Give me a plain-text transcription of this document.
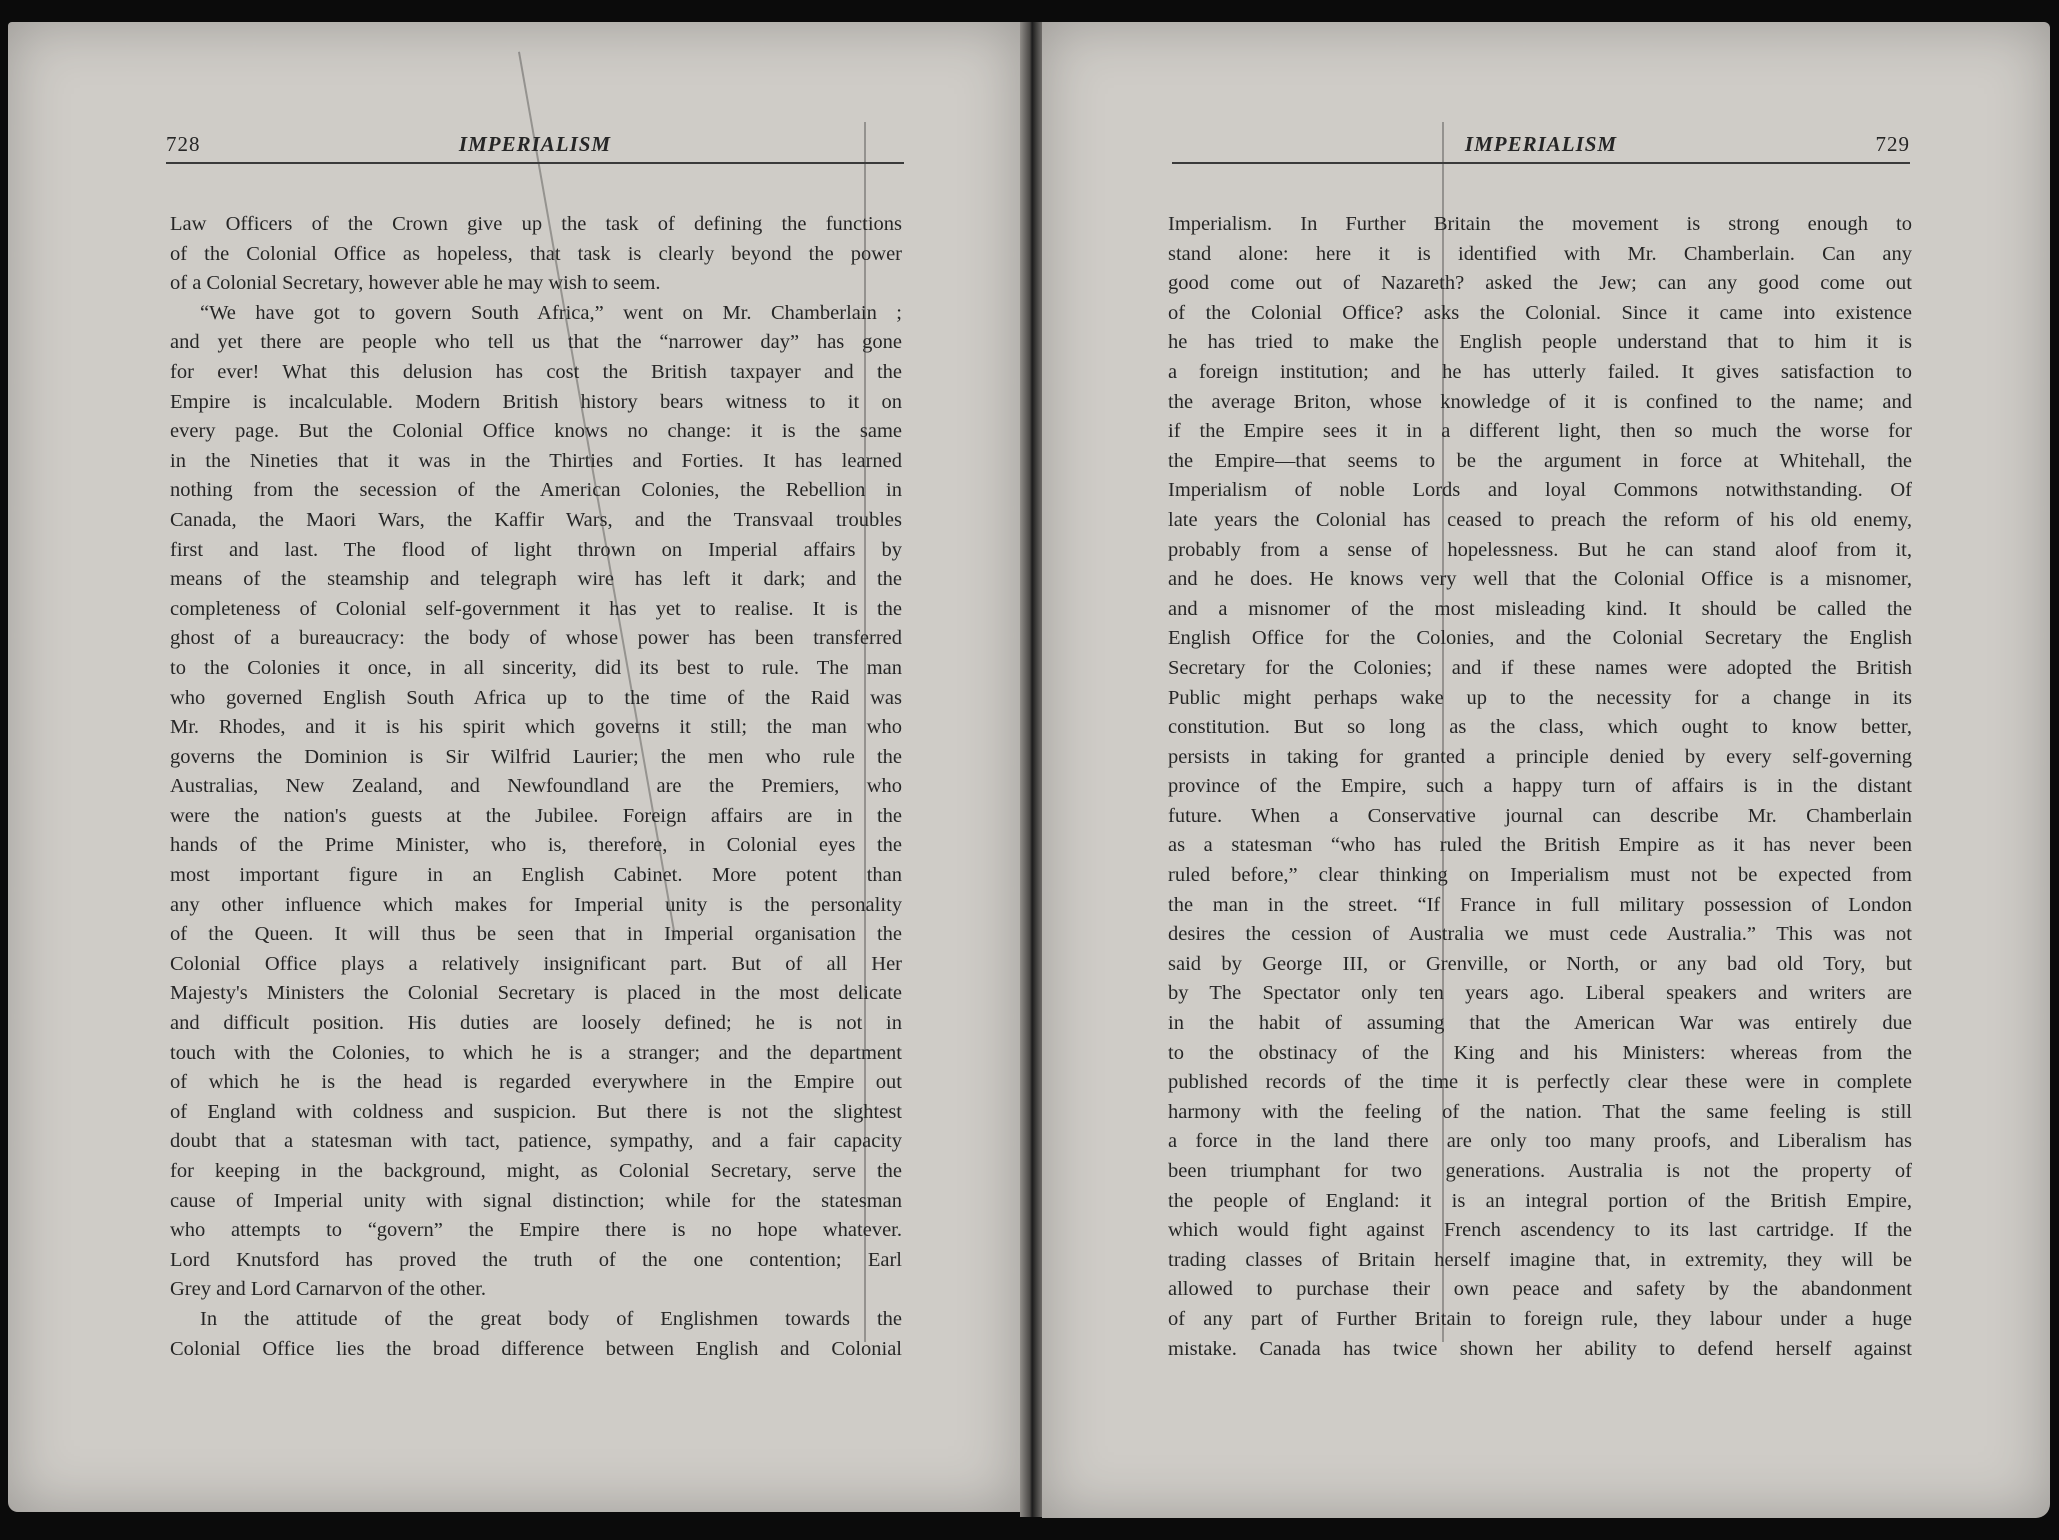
728	IMPERIALISM
Law Officers of the Crown give up the task of defining the functions
of the Colonial Office as hopeless, that task is clearly beyond the power
of a Colonial Secretary, however able he may wish to seem.
“We have got to govern South Africa,” went on Mr. Chamberlain ;
and yet there are people who tell us that the “narrower day” has gone
for ever! What this delusion has cost the British taxpayer and the
Empire is incalculable. Modern British history bears witness to it on
every page. But the Colonial Office knows no change: it is the same
in the Nineties that it was in the Thirties and Forties. It has learned
nothing from the secession of the American Colonies, the Rebellion in
Canada, the Maori Wars, the Kaffir Wars, and the Transvaal troubles
first and last. The flood of light thrown on Imperial affairs by
means of the steamship and telegraph wire has left it dark; and the
completeness of Colonial self-government it has yet to realise. It is the
ghost of a bureaucracy: the body of whose power has been transferred
to the Colonies it once, in all sincerity, did its best to rule. The man
who governed English South Africa up to the time of the Raid was
Mr. Rhodes, and it is his spirit which governs it still; the man who
governs the Dominion is Sir Wilfrid Laurier; the men who rule the
Australias, New Zealand, and Newfoundland are the Premiers, who
were the nation's guests at the Jubilee. Foreign affairs are in the
hands of the Prime Minister, who is, therefore, in Colonial eyes the
most important figure in an English Cabinet. More potent than
any other influence which makes for Imperial unity is the personality
of the Queen. It will thus be seen that in Imperial organisation the
Colonial Office plays a relatively insignificant part. But of all Her
Majesty's Ministers the Colonial Secretary is placed in the most delicate
and difficult position. His duties are loosely defined; he is not in
touch with the Colonies, to which he is a stranger; and the department
of which he is the head is regarded everywhere in the Empire out
of England with coldness and suspicion. But there is not the slightest
doubt that a statesman with tact, patience, sympathy, and a fair capacity
for keeping in the background, might, as Colonial Secretary, serve the
cause of Imperial unity with signal distinction; while for the statesman
who attempts to “govern” the Empire there is no hope whatever.
Lord Knutsford has proved the truth of the one contention; Earl
Grey and Lord Carnarvon of the other.
In the attitude of the great body of Englishmen towards the
Colonial Office lies the broad difference between English and Colonial
IMPERIALISM	729
Imperialism. In Further Britain the movement is strong enough to
stand alone: here it is identified with Mr. Chamberlain. Can any
good come out of Nazareth? asked the Jew; can any good come out
of the Colonial Office? asks the Colonial. Since it came into existence
he has tried to make the English people understand that to him it is
a foreign institution; and he has utterly failed. It gives satisfaction to
the average Briton, whose knowledge of it is confined to the name; and
if the Empire sees it in a different light, then so much the worse for
the Empire—that seems to be the argument in force at Whitehall, the
Imperialism of noble Lords and loyal Commons notwithstanding. Of
late years the Colonial has ceased to preach the reform of his old enemy,
probably from a sense of hopelessness. But he can stand aloof from it,
and he does. He knows very well that the Colonial Office is a misnomer,
and a misnomer of the most misleading kind. It should be called the
English Office for the Colonies, and the Colonial Secretary the English
Secretary for the Colonies; and if these names were adopted the British
Public might perhaps wake up to the necessity for a change in its
constitution. But so long as the class, which ought to know better,
persists in taking for granted a principle denied by every self-governing
province of the Empire, such a happy turn of affairs is in the distant
future. When a Conservative journal can describe Mr. Chamberlain
as a statesman “who has ruled the British Empire as it has never been
ruled before,” clear thinking on Imperialism must not be expected from
the man in the street. “If France in full military possession of London
desires the cession of Australia we must cede Australia.” This was not
said by George III, or Grenville, or North, or any bad old Tory, but
by The Spectator only ten years ago. Liberal speakers and writers are
in the habit of assuming that the American War was entirely due
to the obstinacy of the King and his Ministers: whereas from the
published records of the time it is perfectly clear these were in complete
harmony with the feeling of the nation. That the same feeling is still
a force in the land there are only too many proofs, and Liberalism has
been triumphant for two generations. Australia is not the property of
the people of England: it is an integral portion of the British Empire,
which would fight against French ascendency to its last cartridge. If the
trading classes of Britain herself imagine that, in extremity, they will be
allowed to purchase their own peace and safety by the abandonment
of any part of Further Britain to foreign rule, they labour under a huge
mistake. Canada has twice shown her ability to defend herself against
